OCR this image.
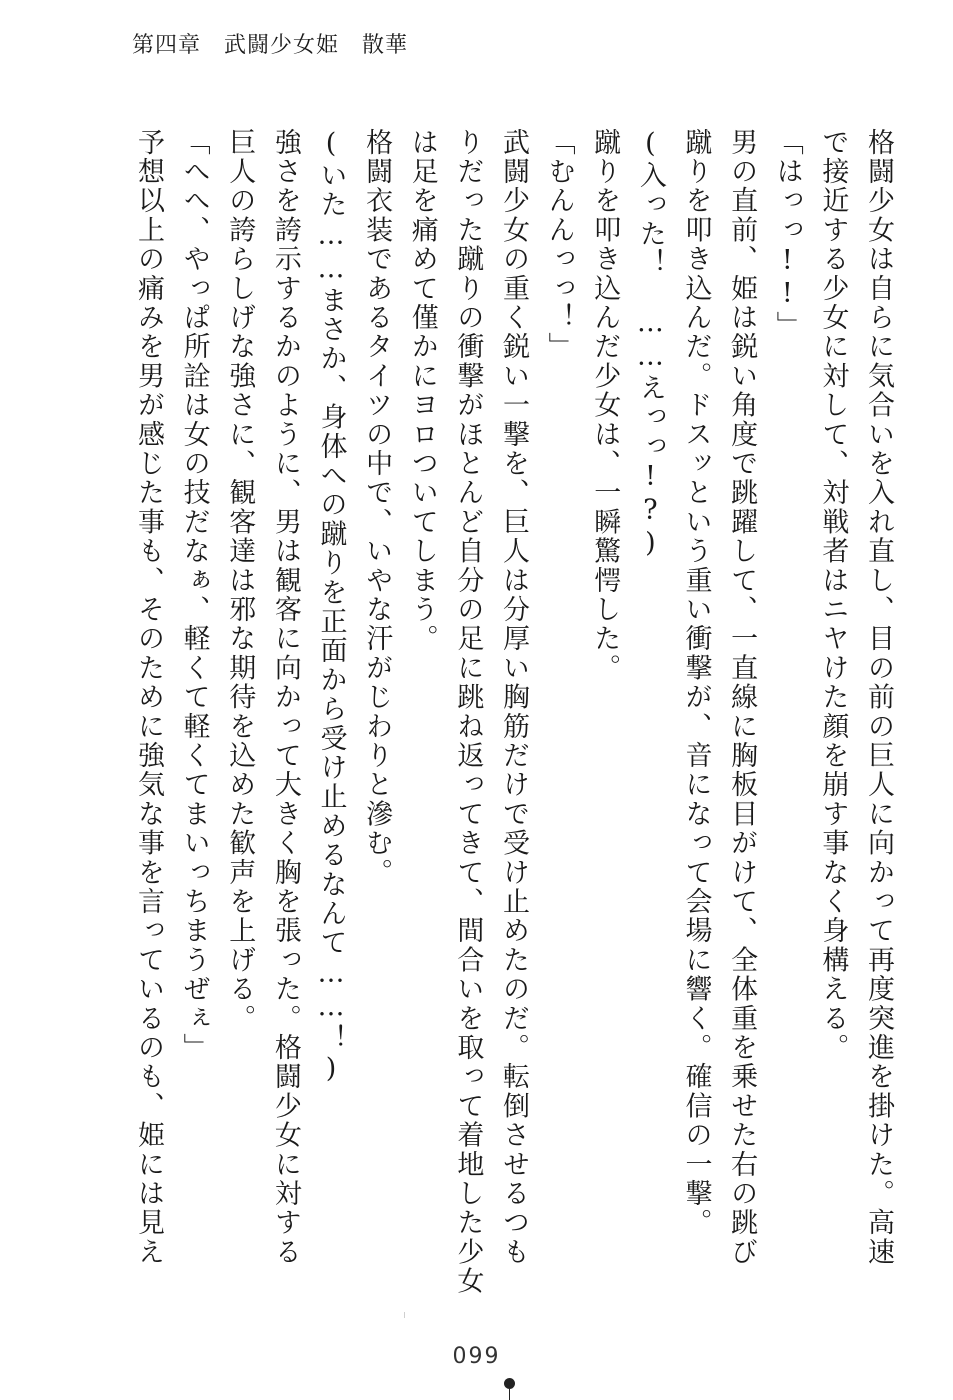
第四章　武闘少女姫　散華
格闘少女は自らに気合いを入れ直し、目の前の巨人に向かって再度突進を掛けた。高速
で接近する少女に対して、対戦者はニヤけた顔を崩す事なく身構える。
「はっっ!!」
男の直前、姫は鋭い角度で跳躍して、一直線に胸板目がけて、全体重を乗せた右の跳び
蹴りを叩き込んだ。ドスッという重い衝撃が、音になって会場に響く。確信の一撃。
(入った！　……えっっ!?)
蹴りを叩き込んだ少女は、一瞬驚愕した。
「むんんっっ！」
武闘少女の重く鋭い一撃を、巨人は分厚い胸筋だけで受け止めたのだ。転倒させるつも
りだった蹴りの衝撃がほとんど自分の足に跳ね返ってきて、間合いを取って着地した少女
は足を痛めて僅かにヨロついてしまう。
格闘衣装であるタイツの中で、いやな汗がじわりと滲む。
(いた……まさか、身体への蹴りを正面から受け止めるなんて……！)
強さを誇示するかのように、男は観客に向かって大きく胸を張った。格闘少女に対する
巨人の誇らしげな強さに、観客達は邪な期待を込めた歓声を上げる。
「へへ、やっぱ所詮は女の技だなぁ、軽くて軽くてまいっちまうぜぇ」
予想以上の痛みを男が感じた事も、そのために強気な事を言っているのも、姫には見え
099
